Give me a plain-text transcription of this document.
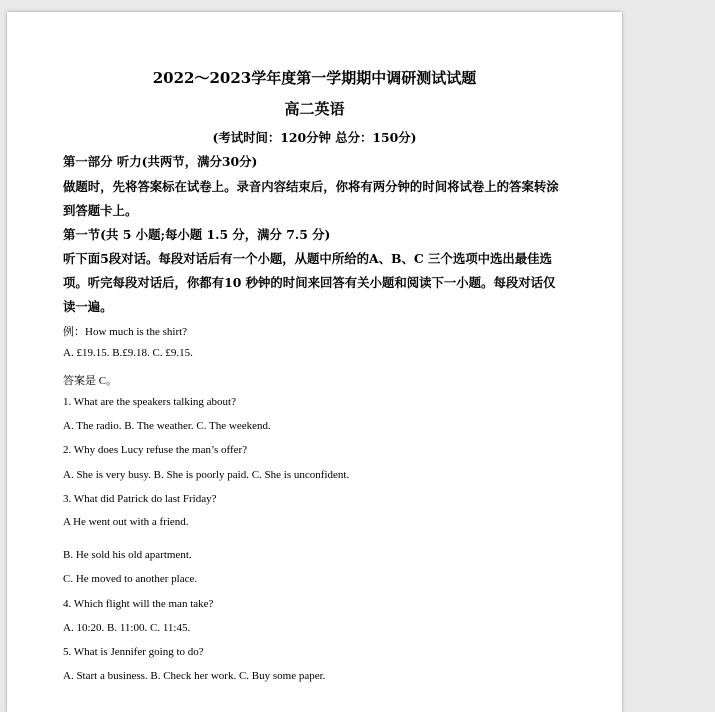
2022～2023学年度第一学期期中调研测试试题
高二英语
(考试时间：120分钟 总分：150分)
第一部分 听力(共两节，满分30分)
做题时，先将答案标在试卷上。录音内容结束后，你将有两分钟的时间将试卷上的答案转涂
到答题卡上。
第一节(共 5 小题;每小题 1.5 分，满分 7.5 分)
听下面5段对话。每段对话后有一个小题，从题中所给的A、B、C 三个选项中选出最佳选
项。听完每段对话后，你都有10 秒钟的时间来回答有关小题和阅读下一小题。每段对话仅
读一遍。
例：How much is the shirt?
A. £19.15. B.£9.18. C. £9.15.
答案是 C。
1. What are the speakers talking about?
A. The radio. B. The weather. C. The weekend.
2. Why does Lucy refuse the man’s offer?
A. She is very busy. B. She is poorly paid. C. She is unconfident.
3. What did Patrick do last Friday?
A He went out with a friend.
B. He sold his old apartment.
C. He moved to another place.
4. Which flight will the man take?
A. 10:20. B. 11:00. C. 11:45.
5. What is Jennifer going to do?
A. Start a business. B. Check her work. C. Buy some paper.
